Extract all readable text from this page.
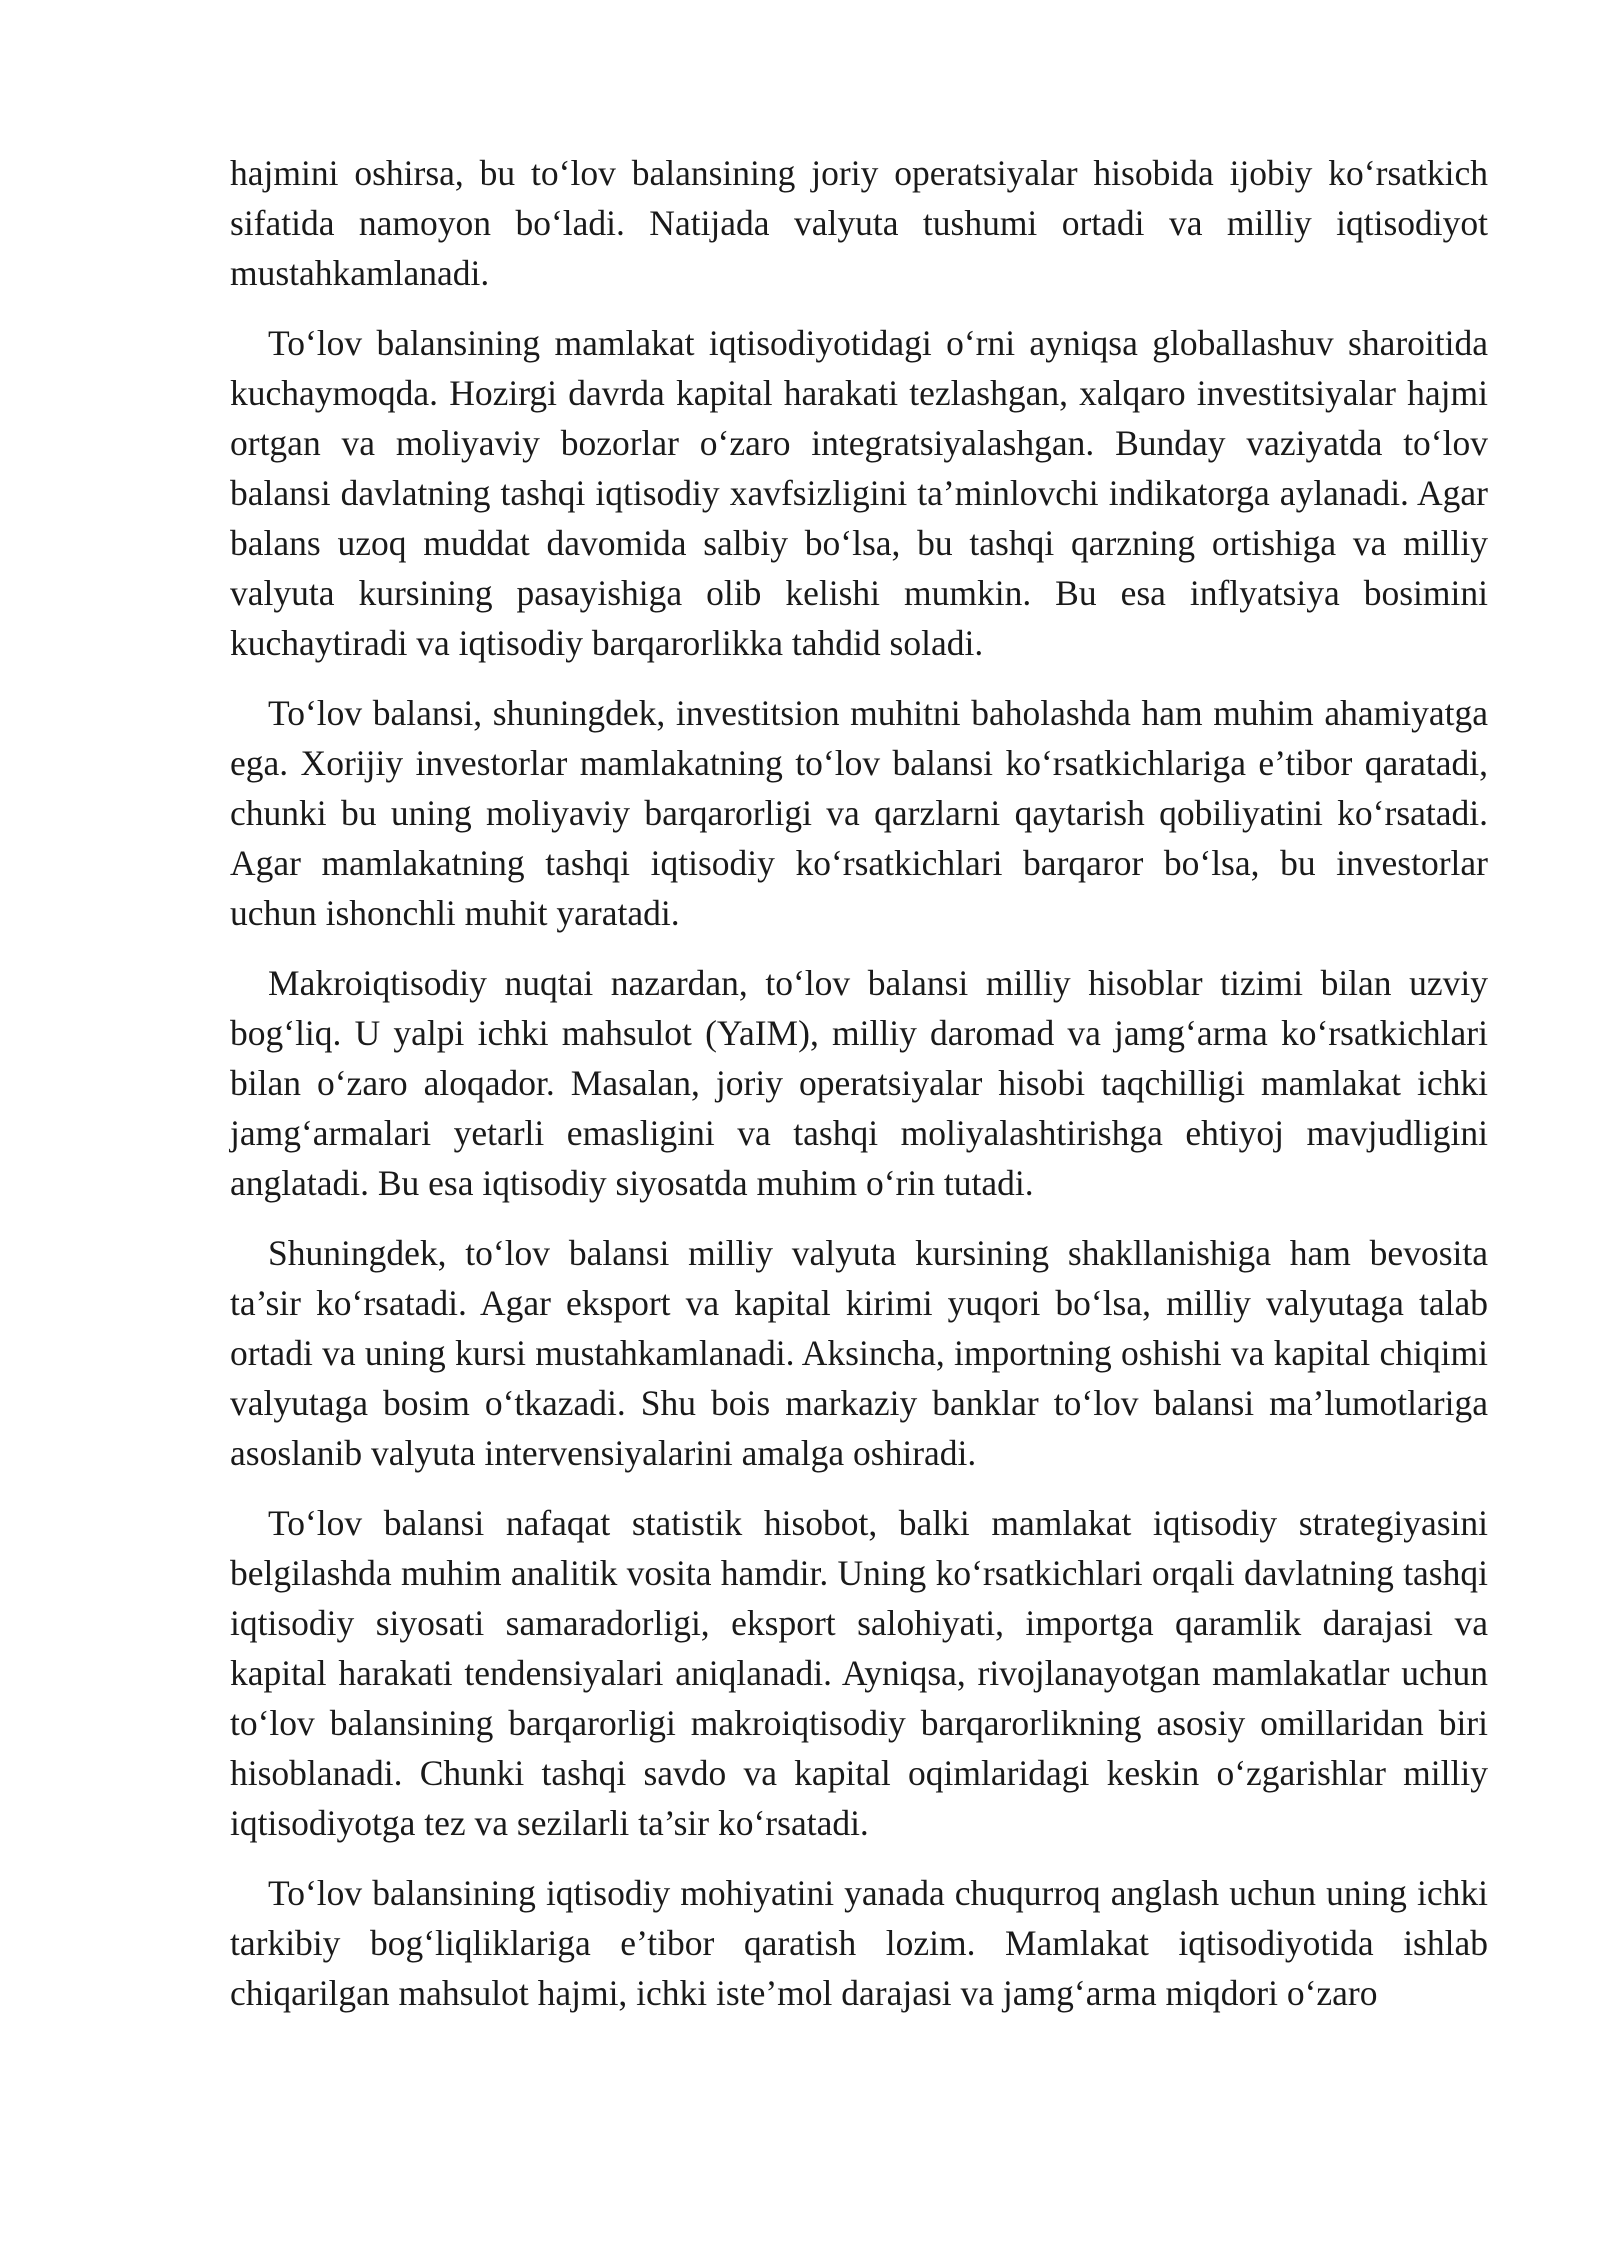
hajmini oshirsa, bu to‘lov balansining joriy operatsiyalar hisobida ijobiy ko‘rsatkich sifatida namoyon bo‘ladi. Natijada valyuta tushumi ortadi va milliy iqtisodiyot mustahkamlanadi.

To‘lov balansining mamlakat iqtisodiyotidagi o‘rni ayniqsa globallashuv sharoitida kuchaymoqda. Hozirgi davrda kapital harakati tezlashgan, xalqaro investitsiyalar hajmi ortgan va moliyaviy bozorlar o‘zaro integratsiyalashgan. Bunday vaziyatda to‘lov balansi davlatning tashqi iqtisodiy xavfsizligini ta’minlovchi indikatorga aylanadi. Agar balans uzoq muddat davomida salbiy bo‘lsa, bu tashqi qarzning ortishiga va milliy valyuta kursining pasayishiga olib kelishi mumkin. Bu esa inflyatsiya bosimini kuchaytiradi va iqtisodiy barqarorlikka tahdid soladi.

To‘lov balansi, shuningdek, investitsion muhitni baholashda ham muhim ahamiyatga ega. Xorijiy investorlar mamlakatning to‘lov balansi ko‘rsatkichlariga e’tibor qaratadi, chunki bu uning moliyaviy barqarorligi va qarzlarni qaytarish qobiliyatini ko‘rsatadi. Agar mamlakatning tashqi iqtisodiy ko‘rsatkichlari barqaror bo‘lsa, bu investorlar uchun ishonchli muhit yaratadi.

Makroiqtisodiy nuqtai nazardan, to‘lov balansi milliy hisoblar tizimi bilan uzviy bog‘liq. U yalpi ichki mahsulot (YaIM), milliy daromad va jamg‘arma ko‘rsatkichlari bilan o‘zaro aloqador. Masalan, joriy operatsiyalar hisobi taqchilligi mamlakat ichki jamg‘armalari yetarli emasligini va tashqi moliyalashtirishga ehtiyoj mavjudligini anglatadi. Bu esa iqtisodiy siyosatda muhim o‘rin tutadi.

Shuningdek, to‘lov balansi milliy valyuta kursining shakllanishiga ham bevosita ta’sir ko‘rsatadi. Agar eksport va kapital kirimi yuqori bo‘lsa, milliy valyutaga talab ortadi va uning kursi mustahkamlanadi. Aksincha, importning oshishi va kapital chiqimi valyutaga bosim o‘tkazadi. Shu bois markaziy banklar to‘lov balansi ma’lumotlariga asoslanib valyuta intervensiyalarini amalga oshiradi.

To‘lov balansi nafaqat statistik hisobot, balki mamlakat iqtisodiy strategiyasini belgilashda muhim analitik vosita hamdir. Uning ko‘rsatkichlari orqali davlatning tashqi iqtisodiy siyosati samaradorligi, eksport salohiyati, importga qaramlik darajasi va kapital harakati tendensiyalari aniqlanadi. Ayniqsa, rivojlanayotgan mamlakatlar uchun to‘lov balansining barqarorligi makroiqtisodiy barqarorlikning asosiy omillaridan biri hisoblanadi. Chunki tashqi savdo va kapital oqimlaridagi keskin o‘zgarishlar milliy iqtisodiyotga tez va sezilarli ta’sir ko‘rsatadi.

To‘lov balansining iqtisodiy mohiyatini yanada chuqurroq anglash uchun uning ichki tarkibiy bog‘liqliklariga e’tibor qaratish lozim. Mamlakat iqtisodiyotida ishlab chiqarilgan mahsulot hajmi, ichki iste’mol darajasi va jamg‘arma miqdori o‘zaro
